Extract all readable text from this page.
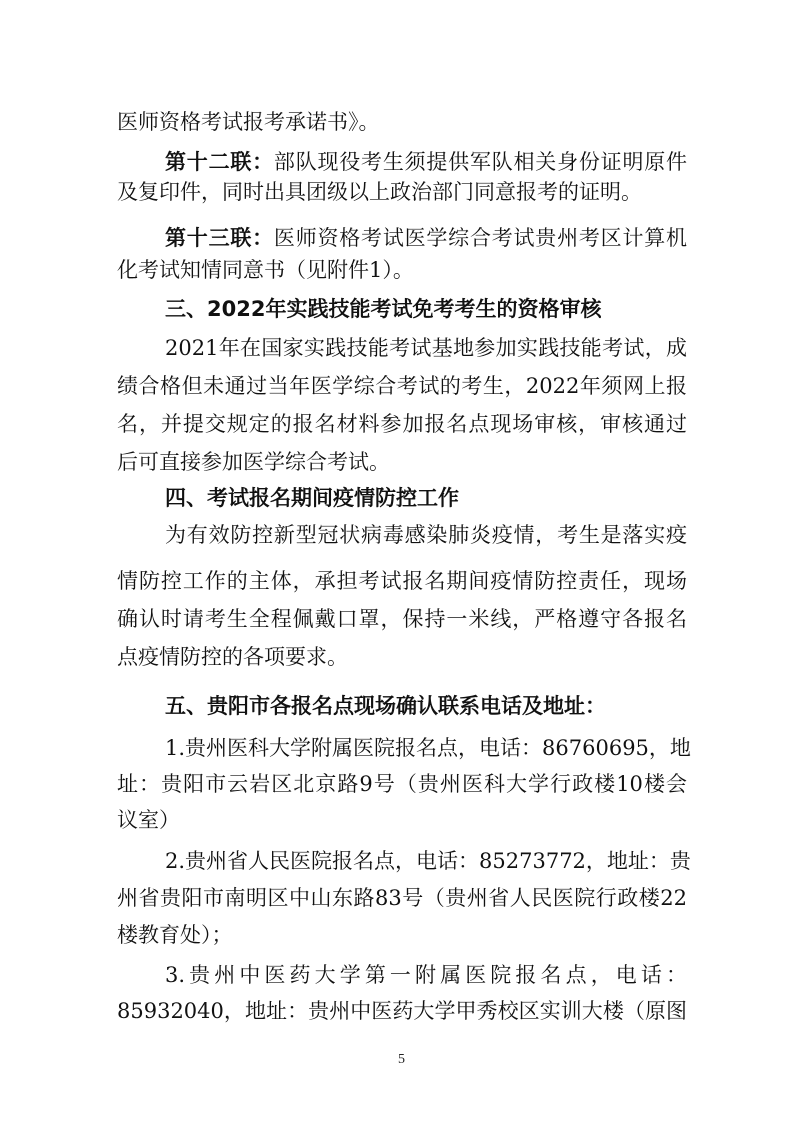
医师资格考试报考承诺书》。
第十二联：部队现役考生须提供军队相关身份证明原件
及复印件，同时出具团级以上政治部门同意报考的证明。
第十三联：医师资格考试医学综合考试贵州考区计算机
化考试知情同意书（见附件1）。
三、2022年实践技能考试免考考生的资格审核
2021年在国家实践技能考试基地参加实践技能考试，成
绩合格但未通过当年医学综合考试的考生，2022年须网上报
名，并提交规定的报名材料参加报名点现场审核，审核通过
后可直接参加医学综合考试。
四、考试报名期间疫情防控工作
为有效防控新型冠状病毒感染肺炎疫情，考生是落实疫
情防控工作的主体，承担考试报名期间疫情防控责任，现场
确认时请考生全程佩戴口罩，保持一米线，严格遵守各报名
点疫情防控的各项要求。
五、贵阳市各报名点现场确认联系电话及地址：
1.贵州医科大学附属医院报名点，电话：86760695，地
址：贵阳市云岩区北京路9号（贵州医科大学行政楼10楼会
议室）
2.贵州省人民医院报名点，电话：85273772，地址：贵
州省贵阳市南明区中山东路83号（贵州省人民医院行政楼22
楼教育处）；
3.贵州中医药大学第一附属医院报名点，电话：
85932040，地址：贵州中医药大学甲秀校区实训大楼（原图
5
